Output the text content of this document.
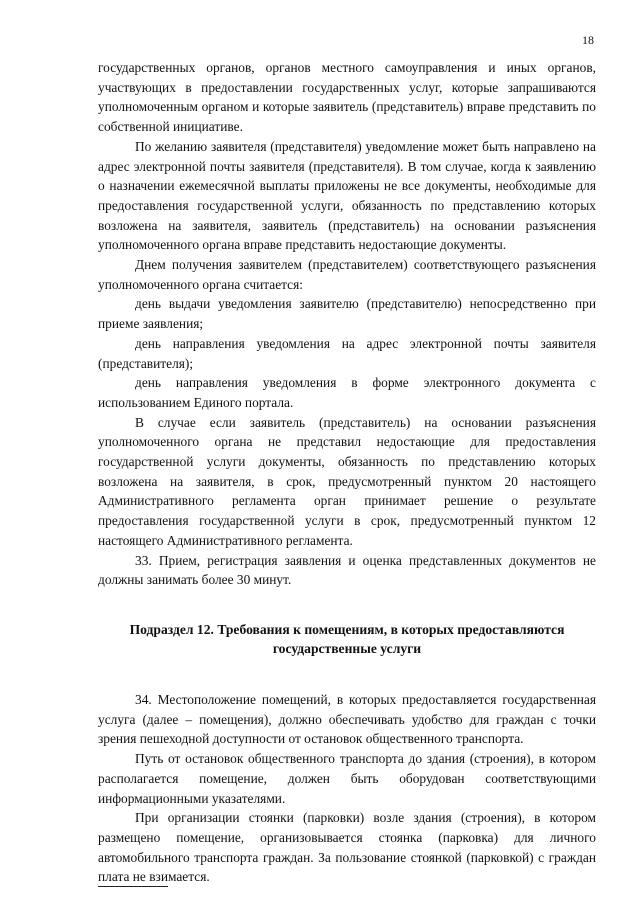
18

государственных органов, органов местного самоуправления и иных органов, участвующих в предоставлении государственных услуг, которые запрашиваются уполномоченным органом и которые заявитель (представитель) вправе представить по собственной инициативе.

По желанию заявителя (представителя) уведомление может быть направлено на адрес электронной почты заявителя (представителя). В том случае, когда к заявлению о назначении ежемесячной выплаты приложены не все документы, необходимые для предоставления государственной услуги, обязанность по представлению которых возложена на заявителя, заявитель (представитель) на основании разъяснения уполномоченного органа вправе представить недостающие документы.

Днем получения заявителем (представителем) соответствующего разъяснения уполномоченного органа считается:

день выдачи уведомления заявителю (представителю) непосредственно при приеме заявления;

день направления уведомления на адрес электронной почты заявителя (представителя);

день направления уведомления в форме электронного документа с использованием Единого портала.

В случае если заявитель (представитель) на основании разъяснения уполномоченного органа не представил недостающие для предоставления государственной услуги документы, обязанность по представлению которых возложена на заявителя, в срок, предусмотренный пунктом 20 настоящего Административного регламента орган принимает решение о результате предоставления государственной услуги в срок, предусмотренный пунктом 12 настоящего Административного регламента.

33. Прием, регистрация заявления и оценка представленных документов не должны занимать более 30 минут.

Подраздел 12. Требования к помещениям, в которых предоставляются
государственные услуги

34. Местоположение помещений, в которых предоставляется государственная услуга (далее – помещения), должно обеспечивать удобство для граждан с точки зрения пешеходной доступности от остановок общественного транспорта.

Путь от остановок общественного транспорта до здания (строения), в котором располагается помещение, должен быть оборудован соответствующими информационными указателями.

При организации стоянки (парковки) возле здания (строения), в котором размещено помещение, организовывается стоянка (парковка) для личного автомобильного транспорта граждан. За пользование стоянкой (парковкой) с граждан плата не взимается.
